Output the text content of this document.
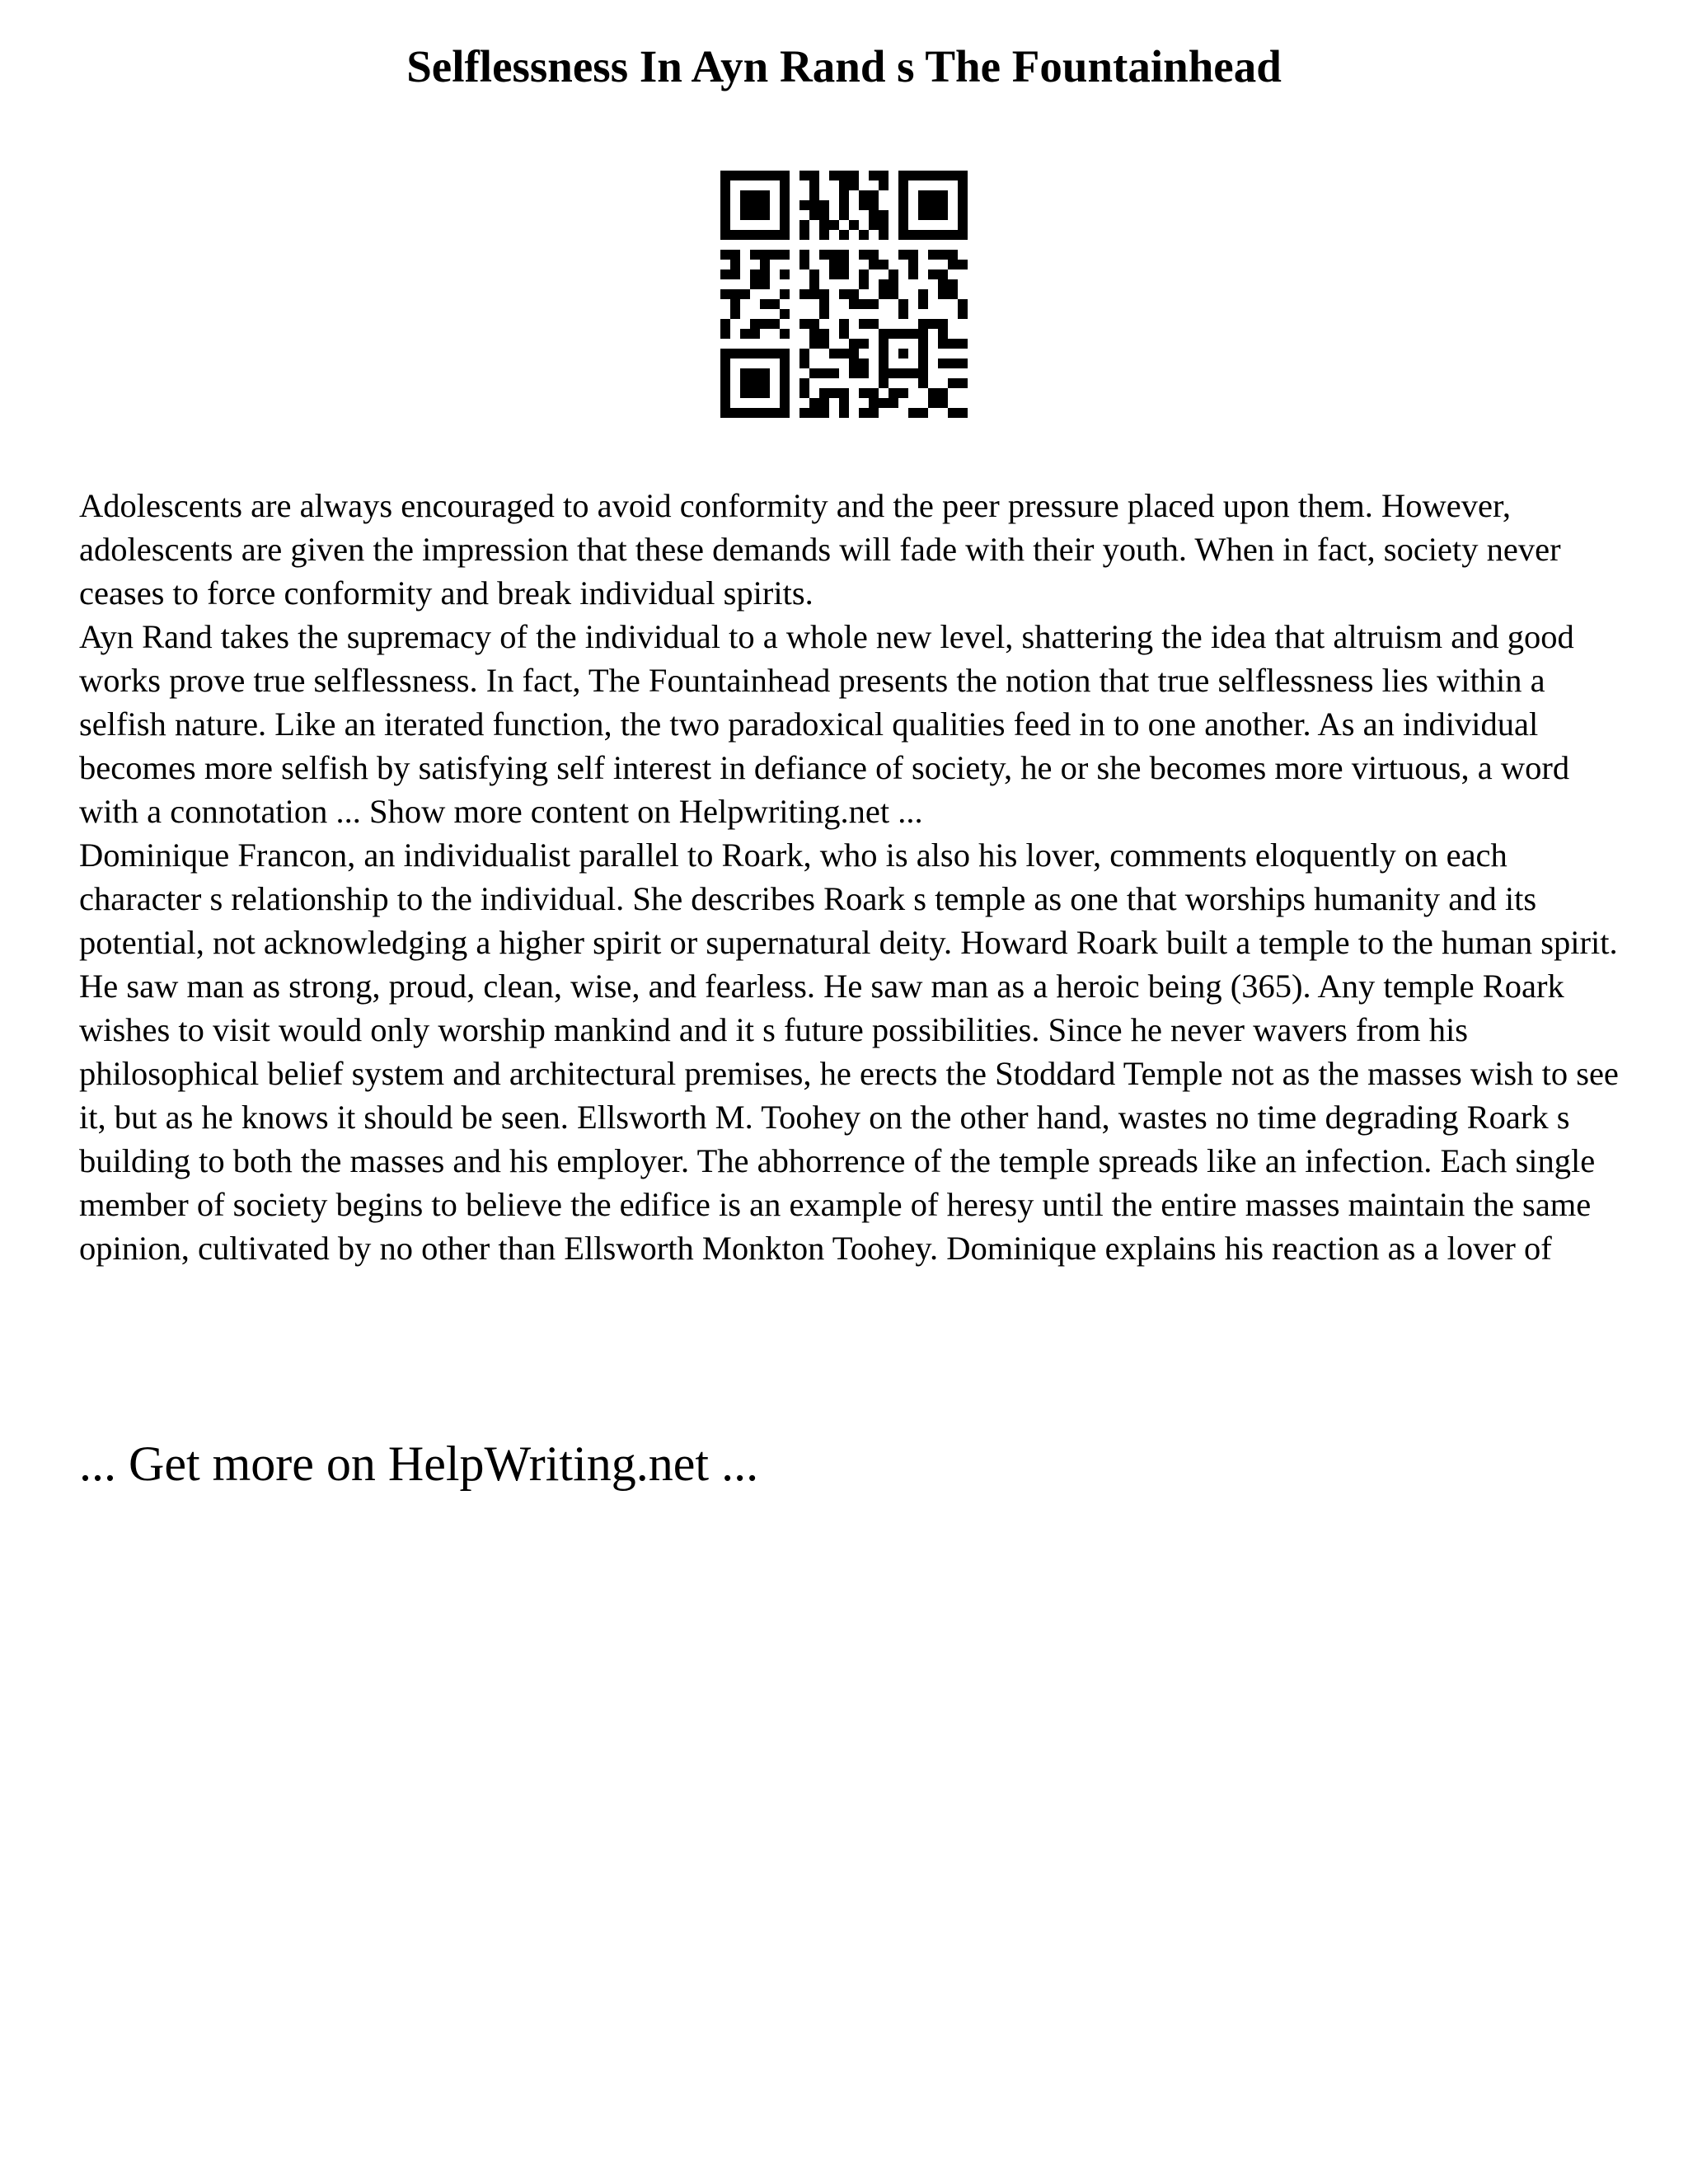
Selflessness In Ayn Rand s The Fountainhead

Adolescents are always encouraged to avoid conformity and the peer pressure placed upon them. However, adolescents are given the impression that these demands will fade with their youth. When in fact, society never ceases to force conformity and break individual spirits.

Ayn Rand takes the supremacy of the individual to a whole new level, shattering the idea that altruism and good works prove true selflessness. In fact, The Fountainhead presents the notion that true selflessness lies within a selfish nature. Like an iterated function, the two paradoxical qualities feed in to one another. As an individual becomes more selfish by satisfying self interest in defiance of society, he or she becomes more virtuous, a word with a connotation ... Show more content on Helpwriting.net ...

Dominique Francon, an individualist parallel to Roark, who is also his lover, comments eloquently on each character s relationship to the individual. She describes Roark s temple as one that worships humanity and its potential, not acknowledging a higher spirit or supernatural deity. Howard Roark built a temple to the human spirit. He saw man as strong, proud, clean, wise, and fearless. He saw man as a heroic being (365). Any temple Roark wishes to visit would only worship mankind and it s future possibilities. Since he never wavers from his philosophical belief system and architectural premises, he erects the Stoddard Temple not as the masses wish to see it, but as he knows it should be seen. Ellsworth M. Toohey on the other hand, wastes no time degrading Roark s building to both the masses and his employer. The abhorrence of the temple spreads like an infection. Each single member of society begins to believe the edifice is an example of heresy until the entire masses maintain the same opinion, cultivated by no other than Ellsworth Monkton Toohey. Dominique explains his reaction as a lover of

... Get more on HelpWriting.net ...
